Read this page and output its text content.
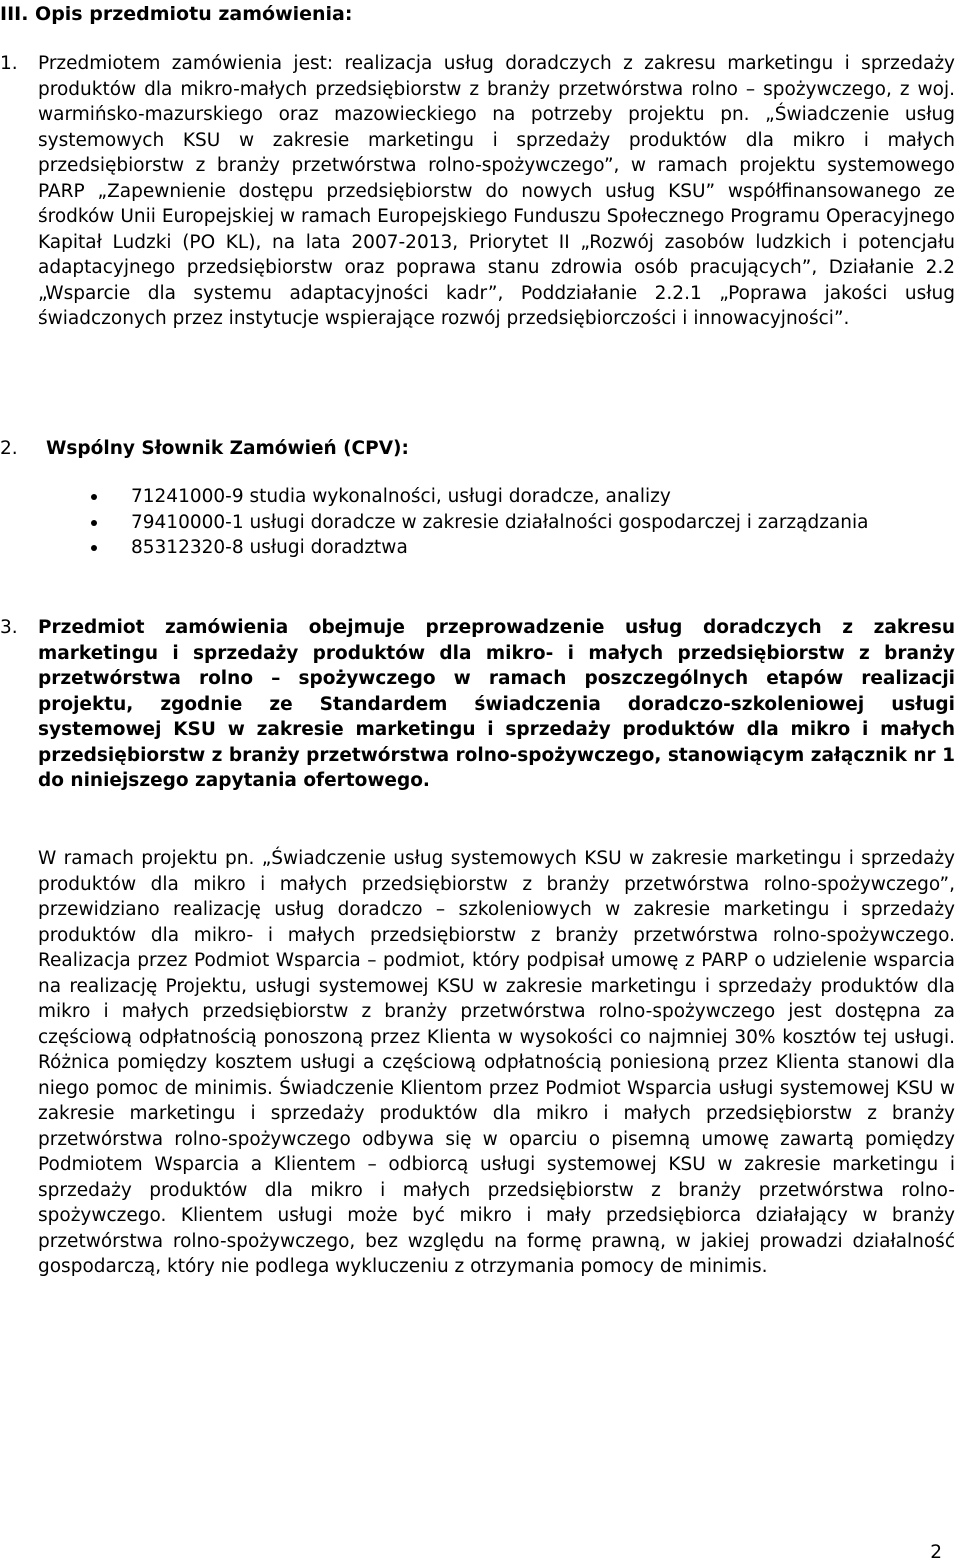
III. Opis przedmiotu zamówienia:
1.	Przedmiotem zamówienia jest: realizacja usług doradczych z zakresu marketingu i sprzedaży produktów dla mikro-małych przedsiębiorstw z branży przetwórstwa rolno – spożywczego, z woj. warmińsko-mazurskiego oraz mazowieckiego na potrzeby projektu pn. „Świadczenie usług systemowych KSU w zakresie marketingu i sprzedaży produktów dla mikro i małych przedsiębiorstw z branży przetwórstwa rolno-spożywczego”, w ramach projektu systemowego PARP „Zapewnienie dostępu przedsiębiorstw do nowych usług KSU” współfinansowanego ze środków Unii Europejskiej w ramach Europejskiego Funduszu Społecznego Programu Operacyjnego Kapitał Ludzki (PO KL), na lata 2007-2013, Priorytet II „Rozwój zasobów ludzkich i potencjału adaptacyjnego przedsiębiorstw oraz poprawa stanu zdrowia osób pracujących”, Działanie 2.2 „Wsparcie dla systemu adaptacyjności kadr”, Poddziałanie 2.2.1 „Poprawa jakości usług świadczonych przez instytucje wspierające rozwój przedsiębiorczości i innowacyjności”.

2.	Wspólny Słownik Zamówień (CPV):

71241000-9 studia wykonalności, usługi doradcze, analizy
79410000-1 usługi doradcze w zakresie działalności gospodarczej i zarządzania
85312320-8 usługi doradztwa
3.	Przedmiot zamówienia obejmuje przeprowadzenie usług doradczych z zakresu marketingu i sprzedaży produktów dla mikro- i małych przedsiębiorstw z branży przetwórstwa rolno – spożywczego w ramach poszczególnych etapów realizacji projektu, zgodnie ze Standardem świadczenia doradczo-szkoleniowej usługi systemowej KSU w zakresie marketingu i sprzedaży produktów dla mikro i małych przedsiębiorstw z branży przetwórstwa rolno-spożywczego, stanowiącym załącznik nr 1 do niniejszego zapytania ofertowego.

W ramach projektu pn. „Świadczenie usług systemowych KSU w zakresie marketingu i sprzedaży produktów dla mikro i małych przedsiębiorstw z branży przetwórstwa rolno-spożywczego”, przewidziano realizację usług doradczo – szkoleniowych w zakresie marketingu i sprzedaży produktów dla mikro- i małych przedsiębiorstw z branży przetwórstwa rolno-spożywczego. Realizacja przez Podmiot Wsparcia – podmiot, który podpisał umowę z PARP o udzielenie wsparcia na realizację Projektu, usługi systemowej KSU w zakresie marketingu i sprzedaży produktów dla mikro i małych przedsiębiorstw z branży przetwórstwa rolno-spożywczego jest dostępna za częściową odpłatnością ponoszoną przez Klienta w wysokości co najmniej 30% kosztów tej usługi. Różnica pomiędzy kosztem usługi a częściową odpłatnością poniesioną przez Klienta stanowi dla niego pomoc de minimis. Świadczenie Klientom przez Podmiot Wsparcia usługi systemowej KSU w zakresie marketingu i sprzedaży produktów dla mikro i małych przedsiębiorstw z branży przetwórstwa rolno-spożywczego odbywa się w oparciu o pisemną umowę zawartą pomiędzy Podmiotem Wsparcia a Klientem – odbiorcą usługi systemowej KSU w zakresie marketingu i sprzedaży produktów dla mikro i małych przedsiębiorstw z branży przetwórstwa rolno-spożywczego. Klientem usługi może być mikro i mały przedsiębiorca działający w branży przetwórstwa rolno-spożywczego, bez względu na formę prawną, w jakiej prowadzi działalność gospodarczą, który nie podlega wykluczeniu z otrzymania pomocy de minimis.

2
